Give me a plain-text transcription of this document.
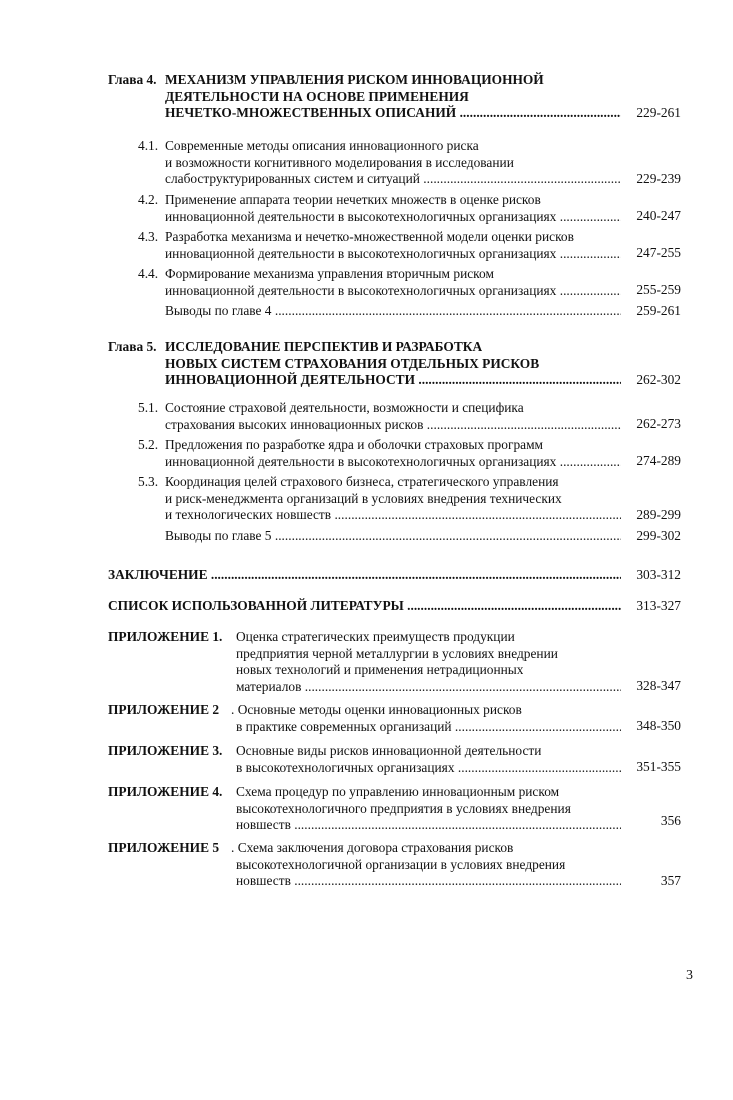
Глава 4. МЕХАНИЗМ УПРАВЛЕНИЯ РИСКОМ ИННОВАЦИОННОЙ
ДЕЯТЕЛЬНОСТИ НА ОСНОВЕ ПРИМЕНЕНИЯ
НЕЧЕТКО-МНОЖЕСТВЕННЫХ ОПИСАНИЙ .....	229-261
4.1. Современные методы описания инновационного риска
и возможности когнитивного моделирования в исследовании
слабоструктурированных систем и ситуаций .....	229-239
4.2. Применение аппарата теории нечетких множеств в оценке рисков
инновационной деятельности в высокотехнологичных организациях .....	240-247
4.3. Разработка механизма и нечетко-множественной модели оценки рисков
инновационной деятельности в высокотехнологичных организациях .....	247-255
4.4. Формирование механизма управления вторичным риском
инновационной деятельности в высокотехнологичных организациях .....	255-259
Выводы по главе 4 .....	259-261
Глава 5. ИССЛЕДОВАНИЕ ПЕРСПЕКТИВ И РАЗРАБОТКА
НОВЫХ СИСТЕМ СТРАХОВАНИЯ ОТДЕЛЬНЫХ РИСКОВ
ИННОВАЦИОННОЙ ДЕЯТЕЛЬНОСТИ .....	262-302
5.1. Состояние страховой деятельности, возможности и специфика
страхования высоких инновационных рисков .....	262-273
5.2. Предложения по разработке ядра и оболочки страховых программ
инновационной деятельности в высокотехнологичных организациях .....	274-289
5.3. Координация целей страхового бизнеса, стратегического управления
и риск-менеджмента организаций в условиях внедрения технических
и технологических новшеств .....	289-299
Выводы по главе 5 .....	299-302
ЗАКЛЮЧЕНИЕ .....	303-312
СПИСОК ИСПОЛЬЗОВАННОЙ ЛИТЕРАТУРЫ .....	313-327
ПРИЛОЖЕНИЕ 1. Оценка стратегических преимуществ продукции
предприятия черной металлургии в условиях внедрении
новых технологий и применения нетрадиционных
материалов .....	328-347
ПРИЛОЖЕНИЕ 2 . Основные методы оценки инновационных рисков
в практике современных организаций .....	348-350
ПРИЛОЖЕНИЕ 3. Основные виды рисков инновационной деятельности
в высокотехнологичных организациях .....	351-355
ПРИЛОЖЕНИЕ 4. Схема процедур по управлению инновационным риском
высокотехнологичного предприятия в условиях внедрения
новшеств .....	356
ПРИЛОЖЕНИЕ 5 . Схема заключения договора страхования рисков
высокотехнологичной организации в условиях внедрения
новшеств .....	357
3
